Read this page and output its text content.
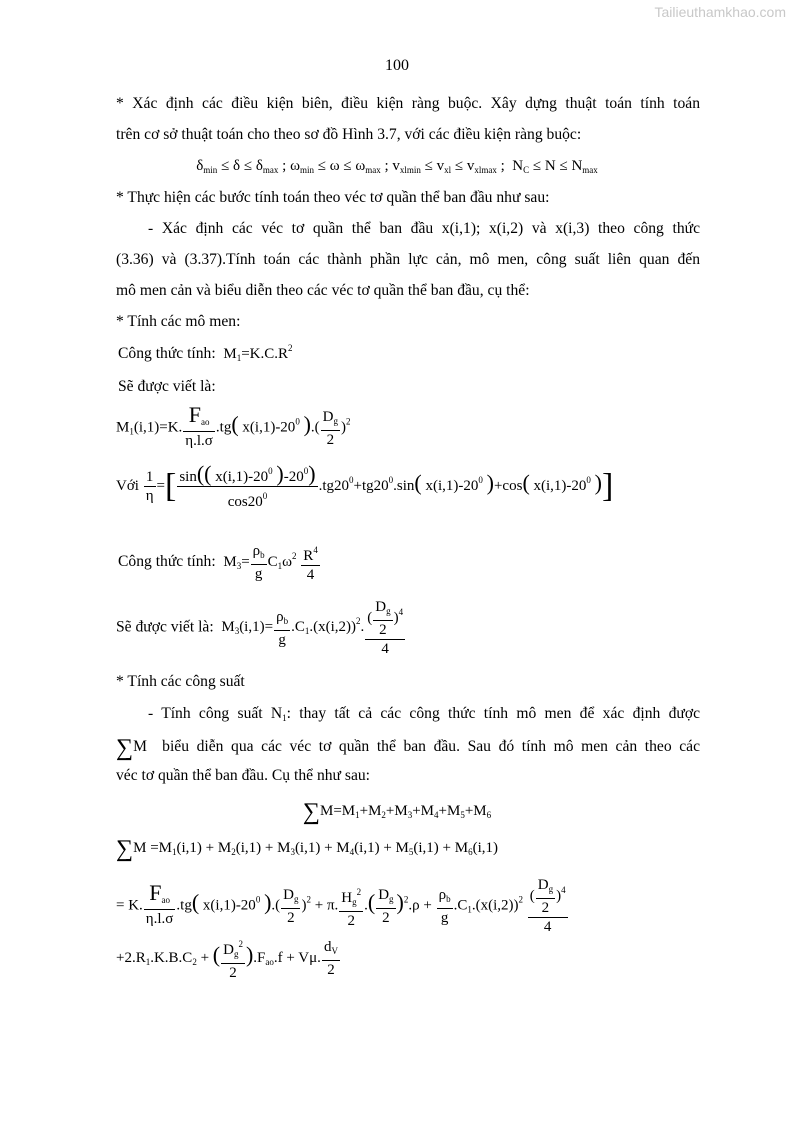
Tailieuthamkhao.com
100
* Xác định các điều kiện biên, điều kiện ràng buộc. Xây dựng thuật toán tính toán
trên cơ sở thuật toán cho theo sơ đồ Hình 3.7, với các điều kiện ràng buộc:
$\delta_{min} \le \delta \le \delta_{max}$ ; $\omega_{min} \le \omega \le \omega_{max}$ ; $v_{xlmin} \le v_{xl} \le v_{xlmax}$ ;  $N_C \le N \le N_{max}$
* Thực hiện các bước tính toán theo véc tơ quần thể ban đầu như sau:
- Xác định các véc tơ quần thể ban đầu x(i,1); x(i,2) và x(i,3) theo công thức
(3.36) và (3.37).Tính toán các thành phần lực cản, mô men, công suất liên quan đến
mô men cản và biểu diễn theo các véc tơ quần thể ban đầu, cụ thể:
* Tính các mô men:
Công thức tính:  $M_1=K.C.R^2$
Sẽ được viết là:
$M_1(i,1)=K$. $\frac{F_{ao}}{\eta.l.\sigma} .tg$( $x(i,1)-20^0$ ).( $\frac{D_g}{2} )^2$
Với $\frac{1}{\eta}$ =[ $\frac{\sin(( x(i,1)-20^0 )-20^0)}{\cos 20^0} .tg20^0+tg20^0.\sin$( $x(i,1)-20^0$ )+cos( $x(i,1)-20^0$ )]
Công thức tính:  $M_3= \frac{\rho_b}{g} C_1\omega^2 \frac{R^4}{4}$
Sẽ được viết là:  $M_3(i,1)= \frac{\rho_b}{g} .C_1.(x(i,2))^2$. $\frac{( \frac{D_g}{2} )^4}{4}$
* Tính các công suất
- Tính công suất $N_1$: thay tất cả các công thức tính mô men để xác định được
∑M  biểu diễn qua các véc tơ quần thể ban đầu. Sau đó tính mô men cản theo các
véc tơ quần thể ban đầu. Cụ thể như sau:
$\sum M=M_1+M_2+M_3+M_4+M_5+M_6$
$\sum M =M_1(i,1) + M_2(i,1) + M_3(i,1) + M_4(i,1) + M_5(i,1) + M_6(i,1)$
= K. $\frac{F_{ao}}{\eta.l.\sigma} .tg$( $x(i,1)-20^0$ ).( $\frac{D_g}{2} )^2 + \pi$. $\frac{H_g^2}{2}$ .( $\frac{D_g}{2} )^2.\rho + \frac{\rho_b}{g} .C_1.(x(i,2))^2 \frac{( \frac{D_g}{2} )^4}{4}$
$+2.R_1.K.B.C_2$ + ( $\frac{D_g^2}{2} ).F_{ao}.f + V\mu$. $\frac{d_V}{2}$
